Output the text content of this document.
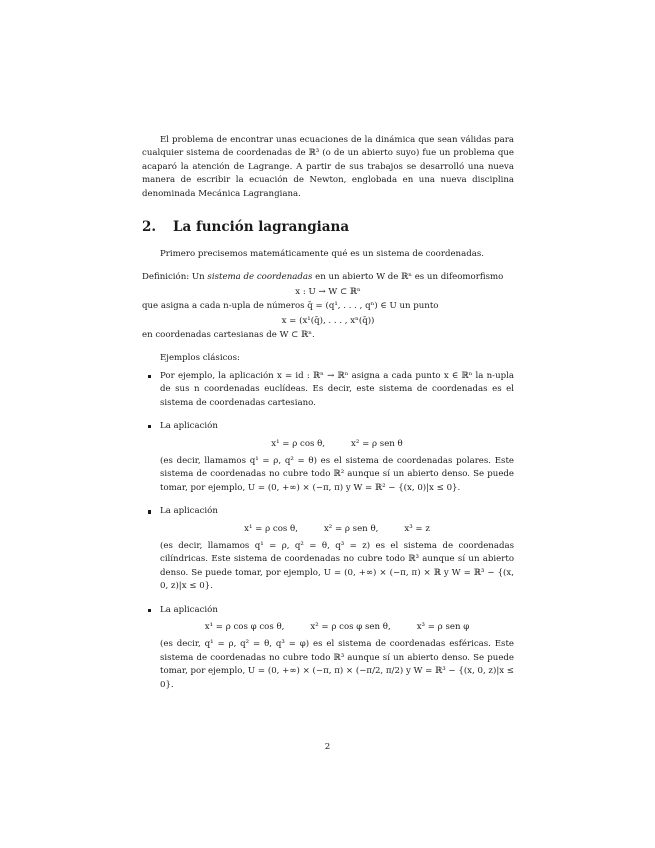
El problema de encontrar unas ecuaciones de la dinámica que sean válidas para cualquier sistema de coordenadas de ℝ³ (o de un abierto suyo) fue un problema que acaparó la atención de Lagrange. A partir de sus trabajos se desarrolló una nueva manera de escribir la ecuación de Newton, englobada en una nueva disciplina denominada Mecánica Lagrangiana.

2. La función lagrangiana

Primero precisemos matemáticamente qué es un sistema de coordenadas.

Definición: Un sistema de coordenadas en un abierto W de ℝⁿ es un difeomorfismo

x : U → W ⊂ ℝⁿ

que asigna a cada n-upla de números q̄ = (q¹, . . . , qⁿ) ∈ U un punto

x = (x¹(q̄), . . . , xⁿ(q̄))

en coordenadas cartesianas de W ⊂ ℝⁿ.

Ejemplos clásicos:

Por ejemplo, la aplicación x = id : ℝⁿ → ℝⁿ asigna a cada punto x ∈ ℝⁿ la n-upla de sus n coordenadas euclídeas. Es decir, este sistema de coordenadas es el sistema de coordenadas cartesiano.

La aplicación

x¹ = ρ cos θ,	x² = ρ sen θ

(es decir, llamamos q¹ = ρ, q² = θ) es el sistema de coordenadas polares. Este sistema de coordenadas no cubre todo ℝ² aunque sí un abierto denso. Se puede tomar, por ejemplo, U = (0, +∞) × (−π, π) y W = ℝ² − {(x, 0)|x ≤ 0}.

La aplicación

x¹ = ρ cos θ,	x² = ρ sen θ,	x³ = z

(es decir, llamamos q¹ = ρ, q² = θ, q³ = z) es el sistema de coordenadas cilíndricas. Este sistema de coordenadas no cubre todo ℝ³ aunque sí un abierto denso. Se puede tomar, por ejemplo, U = (0, +∞) × (−π, π) × ℝ y W = ℝ³ − {(x, 0, z)|x ≤ 0}.

La aplicación

x¹ = ρ cos φ cos θ,	x² = ρ cos φ sen θ,	x³ = ρ sen φ

(es decir, q¹ = ρ, q² = θ, q³ = φ) es el sistema de coordenadas esféricas. Este sistema de coordenadas no cubre todo ℝ³ aunque sí un abierto denso. Se puede tomar, por ejemplo, U = (0, +∞) × (−π, π) × (−π/2, π/2) y W = ℝ³ − {(x, 0, z)|x ≤ 0}.

2
